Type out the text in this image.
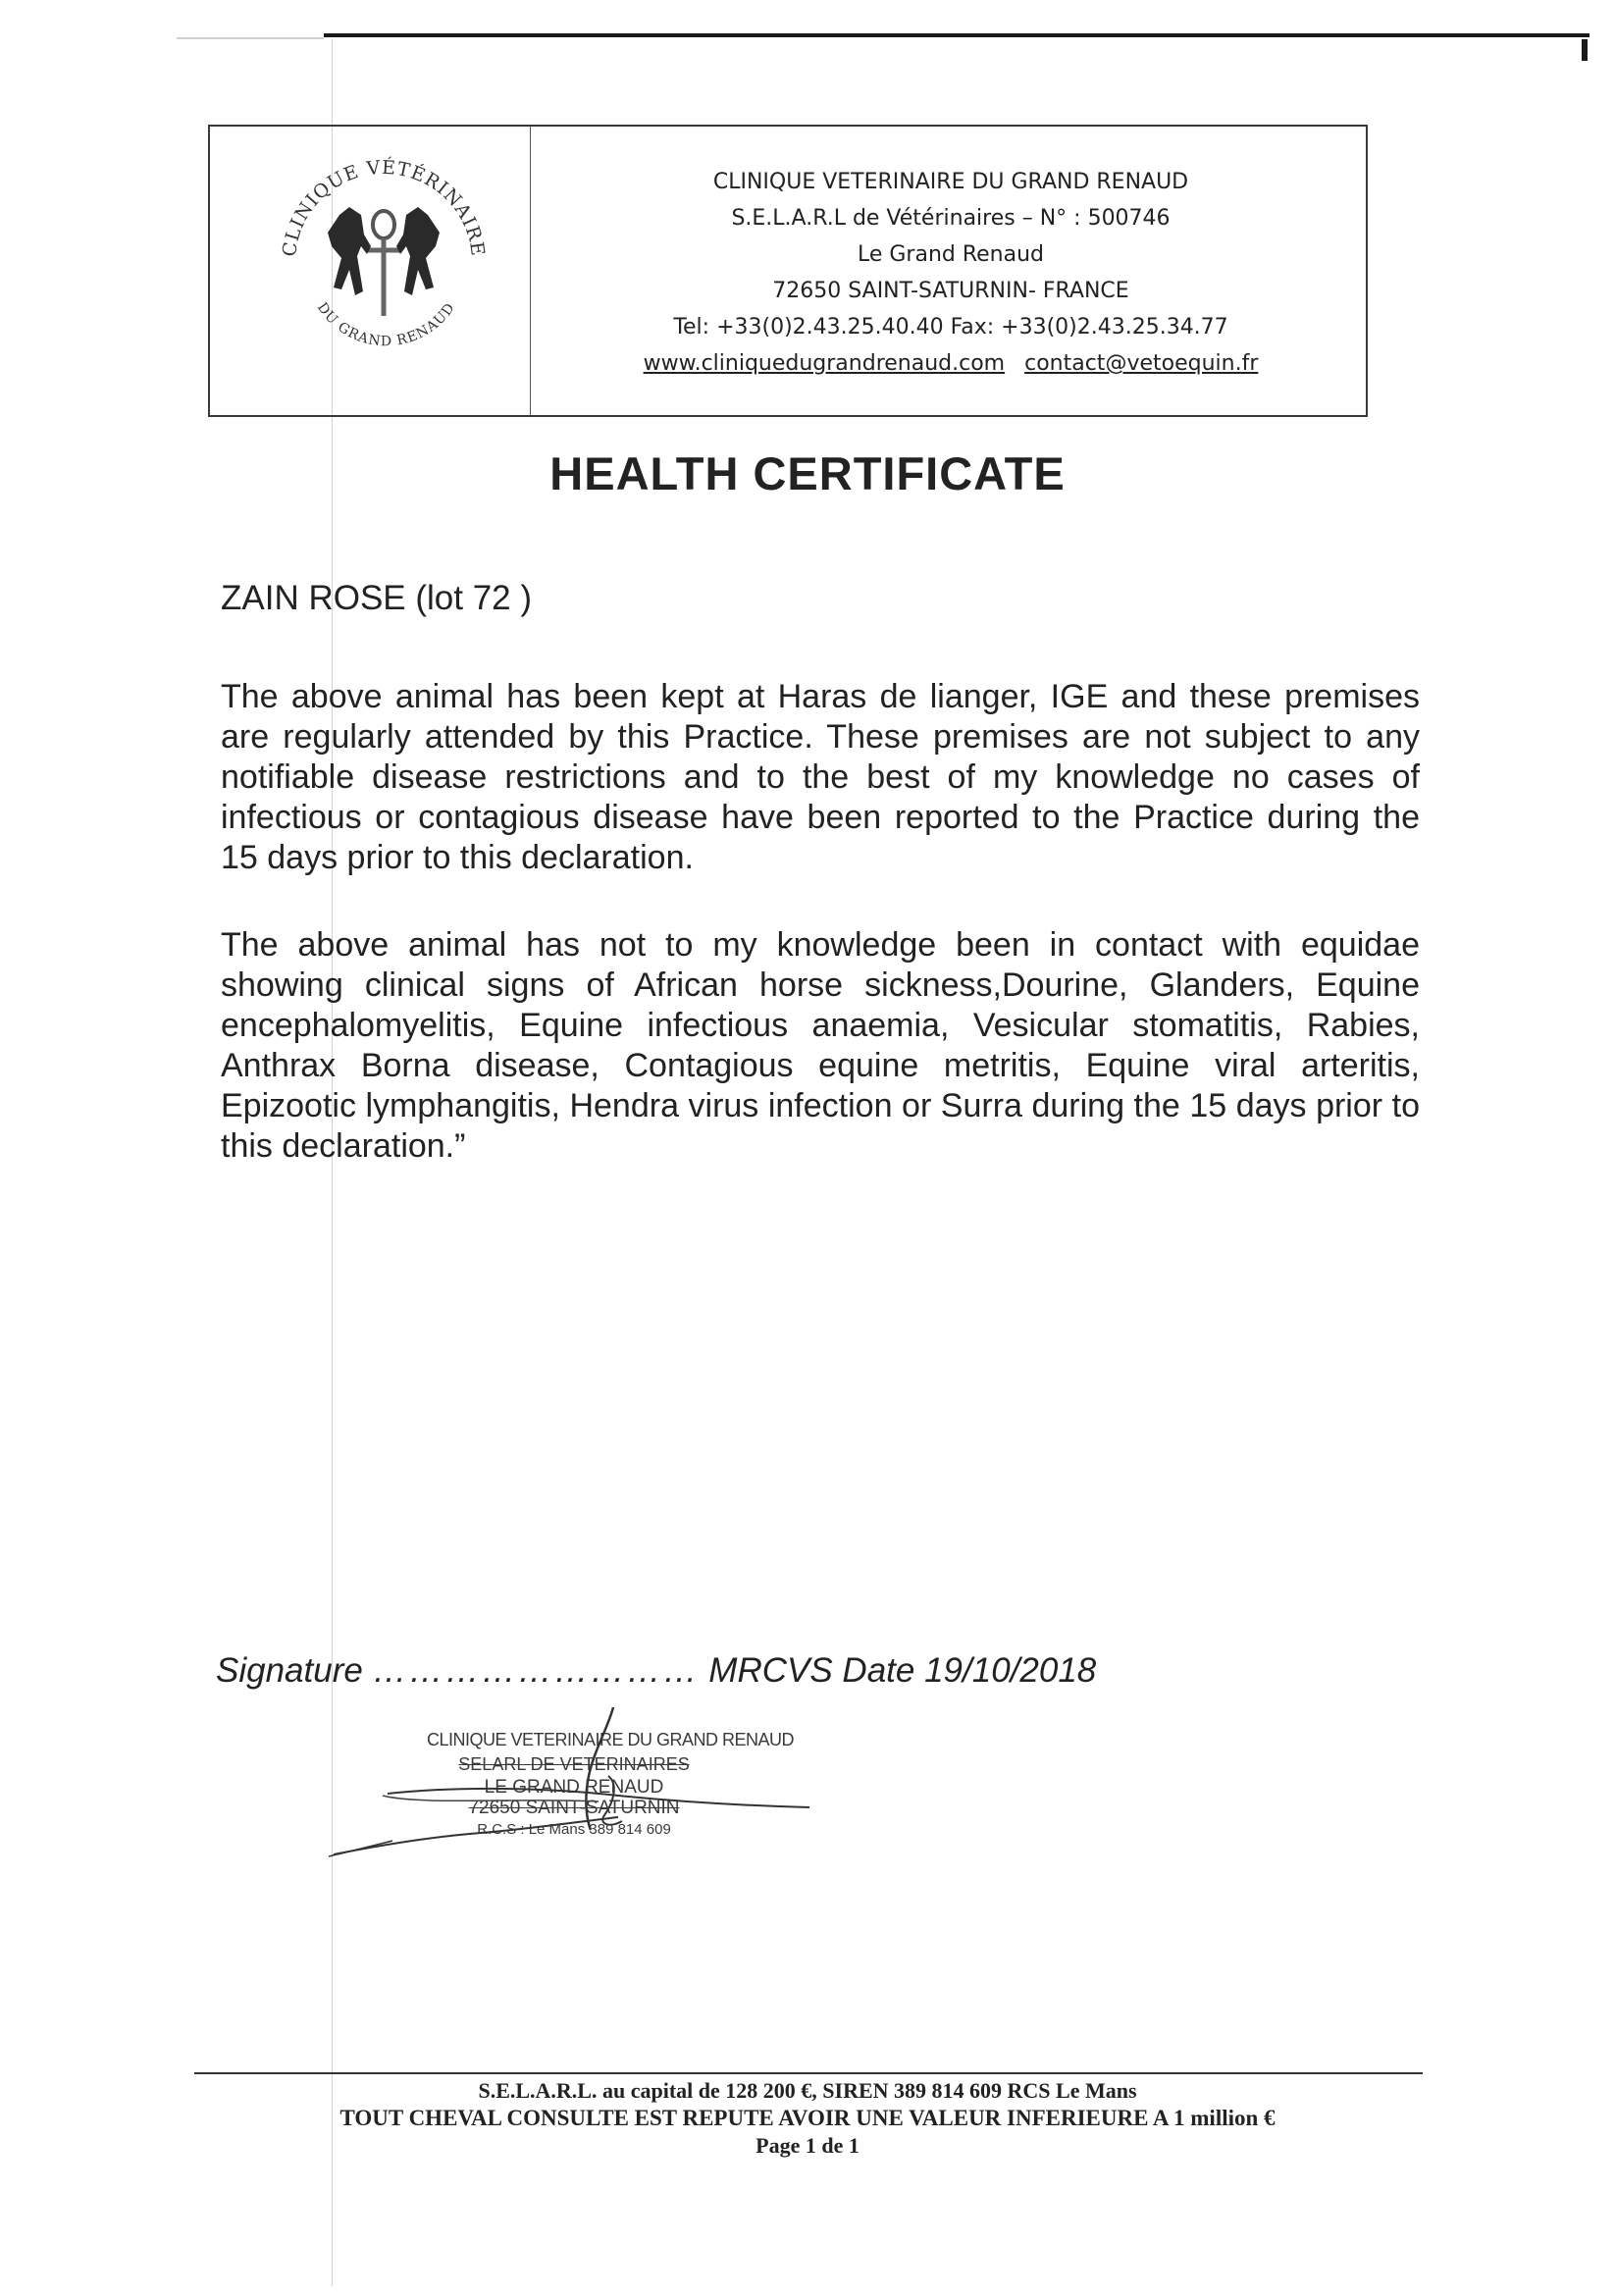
CLINIQUE VÉTÉRINAIRE
DU GRAND RENAUD
CLINIQUE VETERINAIRE DU GRAND RENAUD
S.E.L.A.R.L de Vétérinaires – N° : 500746
Le Grand Renaud
72650 SAINT-SATURNIN- FRANCE
Tel: +33(0)2.43.25.40.40 Fax: +33(0)2.43.25.34.77
www.cliniquedugrandrenaud.com contact@vetoequin.fr
HEALTH CERTIFICATE
ZAIN ROSE (lot 72 )

The above animal has been kept at Haras de lianger, IGE and these premises are regularly attended by this Practice. These premises are not subject to any notifiable disease restrictions and to the best of my knowledge no cases of infectious or contagious disease have been reported to the Practice during the 15 days prior to this declaration.

The above animal has not to my knowledge been in contact with equidae showing clinical signs of African horse sickness,Dourine, Glanders, Equine encephalomyelitis, Equine infectious anaemia, Vesicular stomatitis, Rabies, Anthrax Borna disease, Contagious equine metritis, Equine viral arteritis, Epizootic lymphangitis, Hendra virus infection or Surra during the 15 days prior to this declaration.”

Signature ……………………… MRCVS Date 19/10/2018
CLINIQUE VETERINAIRE DU GRAND RENAUD
SELARL DE VETERINAIRES
LE GRAND RENAUD
72650 SAINT-SATURNIN
R.C.S : Le Mans 389 814 609
S.E.L.A.R.L. au capital de 128 200 €, SIREN 389 814 609 RCS Le Mans
TOUT CHEVAL CONSULTE EST REPUTE AVOIR UNE VALEUR INFERIEURE A 1 million €
Page 1 de 1
